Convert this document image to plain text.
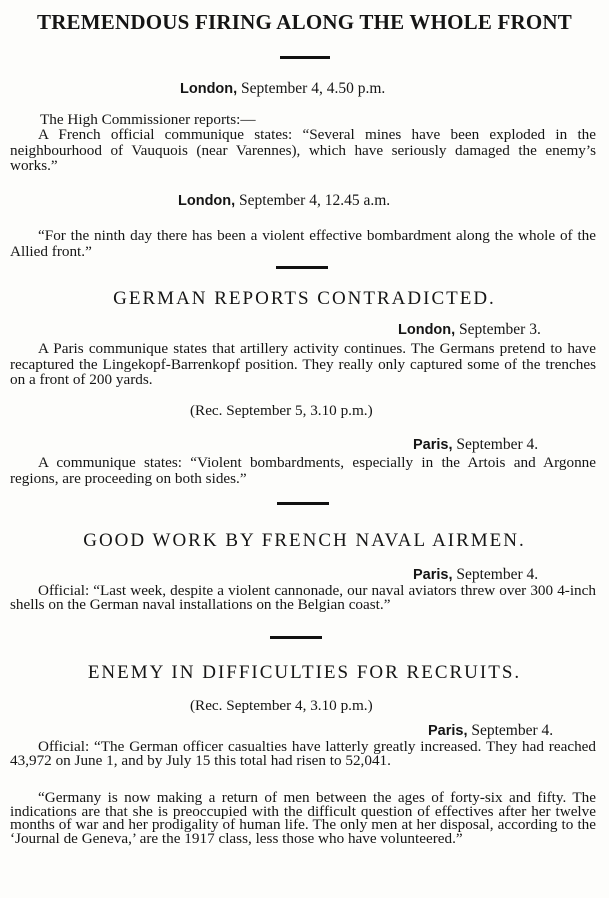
TREMENDOUS FIRING ALONG THE WHOLE FRONT

London, September 4, 4.50 p.m.

The High Commissioner reports:—

A French official communique states: “Several mines have been exploded in the neighbourhood of Vauquois (near Varennes), which have seriously damaged the enemy’s works.”

London, September 4, 12.45 a.m.

“For the ninth day there has been a violent effective bombardment along the whole of the Allied front.”

GERMAN REPORTS CONTRADICTED.

London, September 3.

A Paris communique states that artillery activity continues. The Germans pretend to have recaptured the Lingekopf-Barrenkopf position. They really only captured some of the trenches on a front of 200 yards.

(Rec. September 5, 3.10 p.m.)

Paris, September 4.

A communique states: “Violent bombardments, especially in the Artois and Argonne regions, are proceeding on both sides.”

GOOD WORK BY FRENCH NAVAL AIRMEN.

Paris, September 4.

Official: “Last week, despite a violent cannonade, our naval aviators threw over 300 4-inch shells on the German naval installations on the Belgian coast.”

ENEMY IN DIFFICULTIES FOR RECRUITS.

(Rec. September 4, 3.10 p.m.)

Paris, September 4.

Official: “The German officer casualties have latterly greatly increased. They had reached 43,972 on June 1, and by July 15 this total had risen to 52,041.

“Germany is now making a return of men between the ages of forty-six and fifty. The indications are that she is preoccupied with the difficult question of effectives after her twelve months of war and her prodigality of human life. The only men at her disposal, according to the ‘Journal de Geneva,’ are the 1917 class, less those who have volunteered.”
